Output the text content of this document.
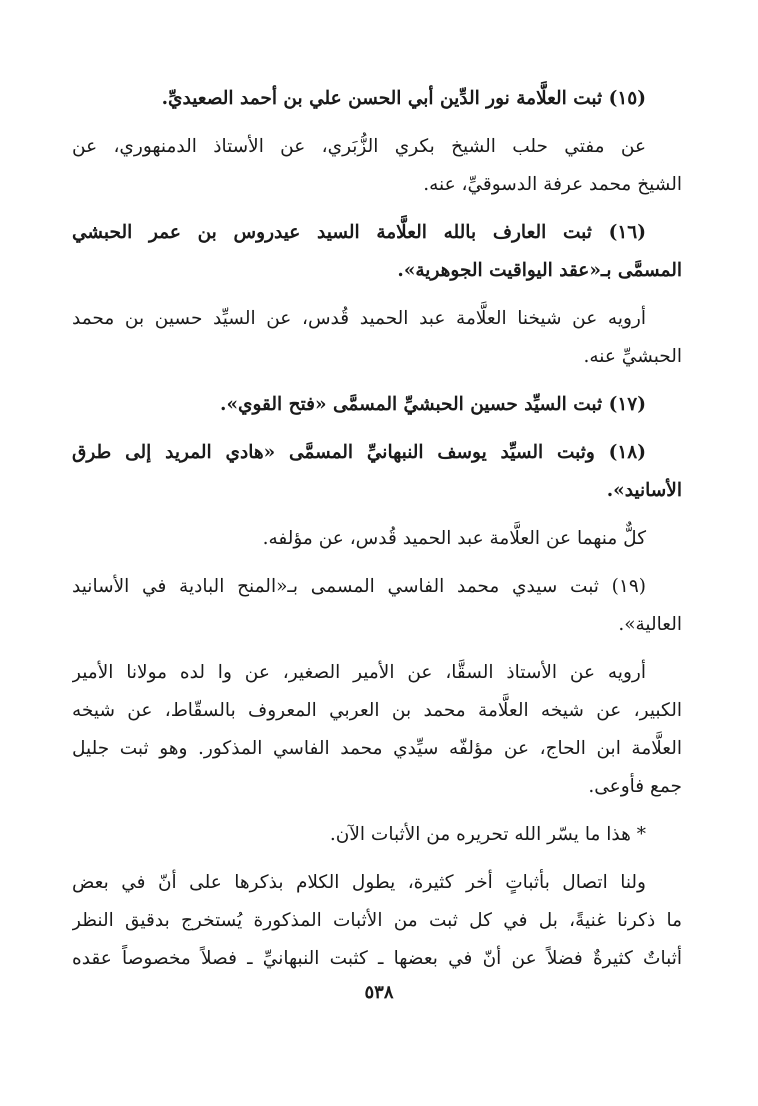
(١٥) ثبت العلَّامة نور الدِّين أبي الحسن علي بن أحمد الصعيديِّ.
عن مفتي حلب الشيخ بكري الزُّبَري، عن الأستاذ الدمنهوري، عن
الشيخ محمد عرفة الدسوقيِّ، عنه.
(١٦) ثبت العارف بالله العلَّامة السيد عيدروس بن عمر الحبشي
المسمَّى بـ«عقد اليواقيت الجوهرية».
أرويه عن شيخنا العلَّامة عبد الحميد قُدس، عن السيِّد حسين بن محمد
الحبشيِّ عنه.
(١٧) ثبت السيِّد حسين الحبشيِّ المسمَّى «فتح القوي».
(١٨) وثبت السيِّد يوسف النبهانيِّ المسمَّى «هادي المريد إلى طرق
الأسانيد».
كلٌّ منهما عن العلَّامة عبد الحميد قُدس، عن مؤلفه.
(١٩) ثبت سيدي محمد الفاسي المسمى بـ«المنح البادية في الأسانيد
العالية».
أرويه عن الأستاذ السقَّا، عن الأمير الصغير، عن وا لده مولانا الأمير
الكبير، عن شيخه العلَّامة محمد بن العربي المعروف بالسقّاط، عن شيخه
العلَّامة ابن الحاج، عن مؤلفّه سيِّدي محمد الفاسي المذكور. وهو ثبت جليل
جمع فأوعى.
* هذا ما يسّر الله تحريره من الأثبات الآن.
ولنا اتصال بأثباتٍ أخر كثيرة، يطول الكلام بذكرها على أنّ في بعض
ما ذكرنا غنيةً، بل في كل ثبت من الأثبات المذكورة يُستخرج بدقيق النظر
أثباتٌ كثيرةٌ فضلاً عن أنّ في بعضها ـ كثبت النبهانيِّ ـ فصلاً مخصوصاً عقده
٥٣٨
